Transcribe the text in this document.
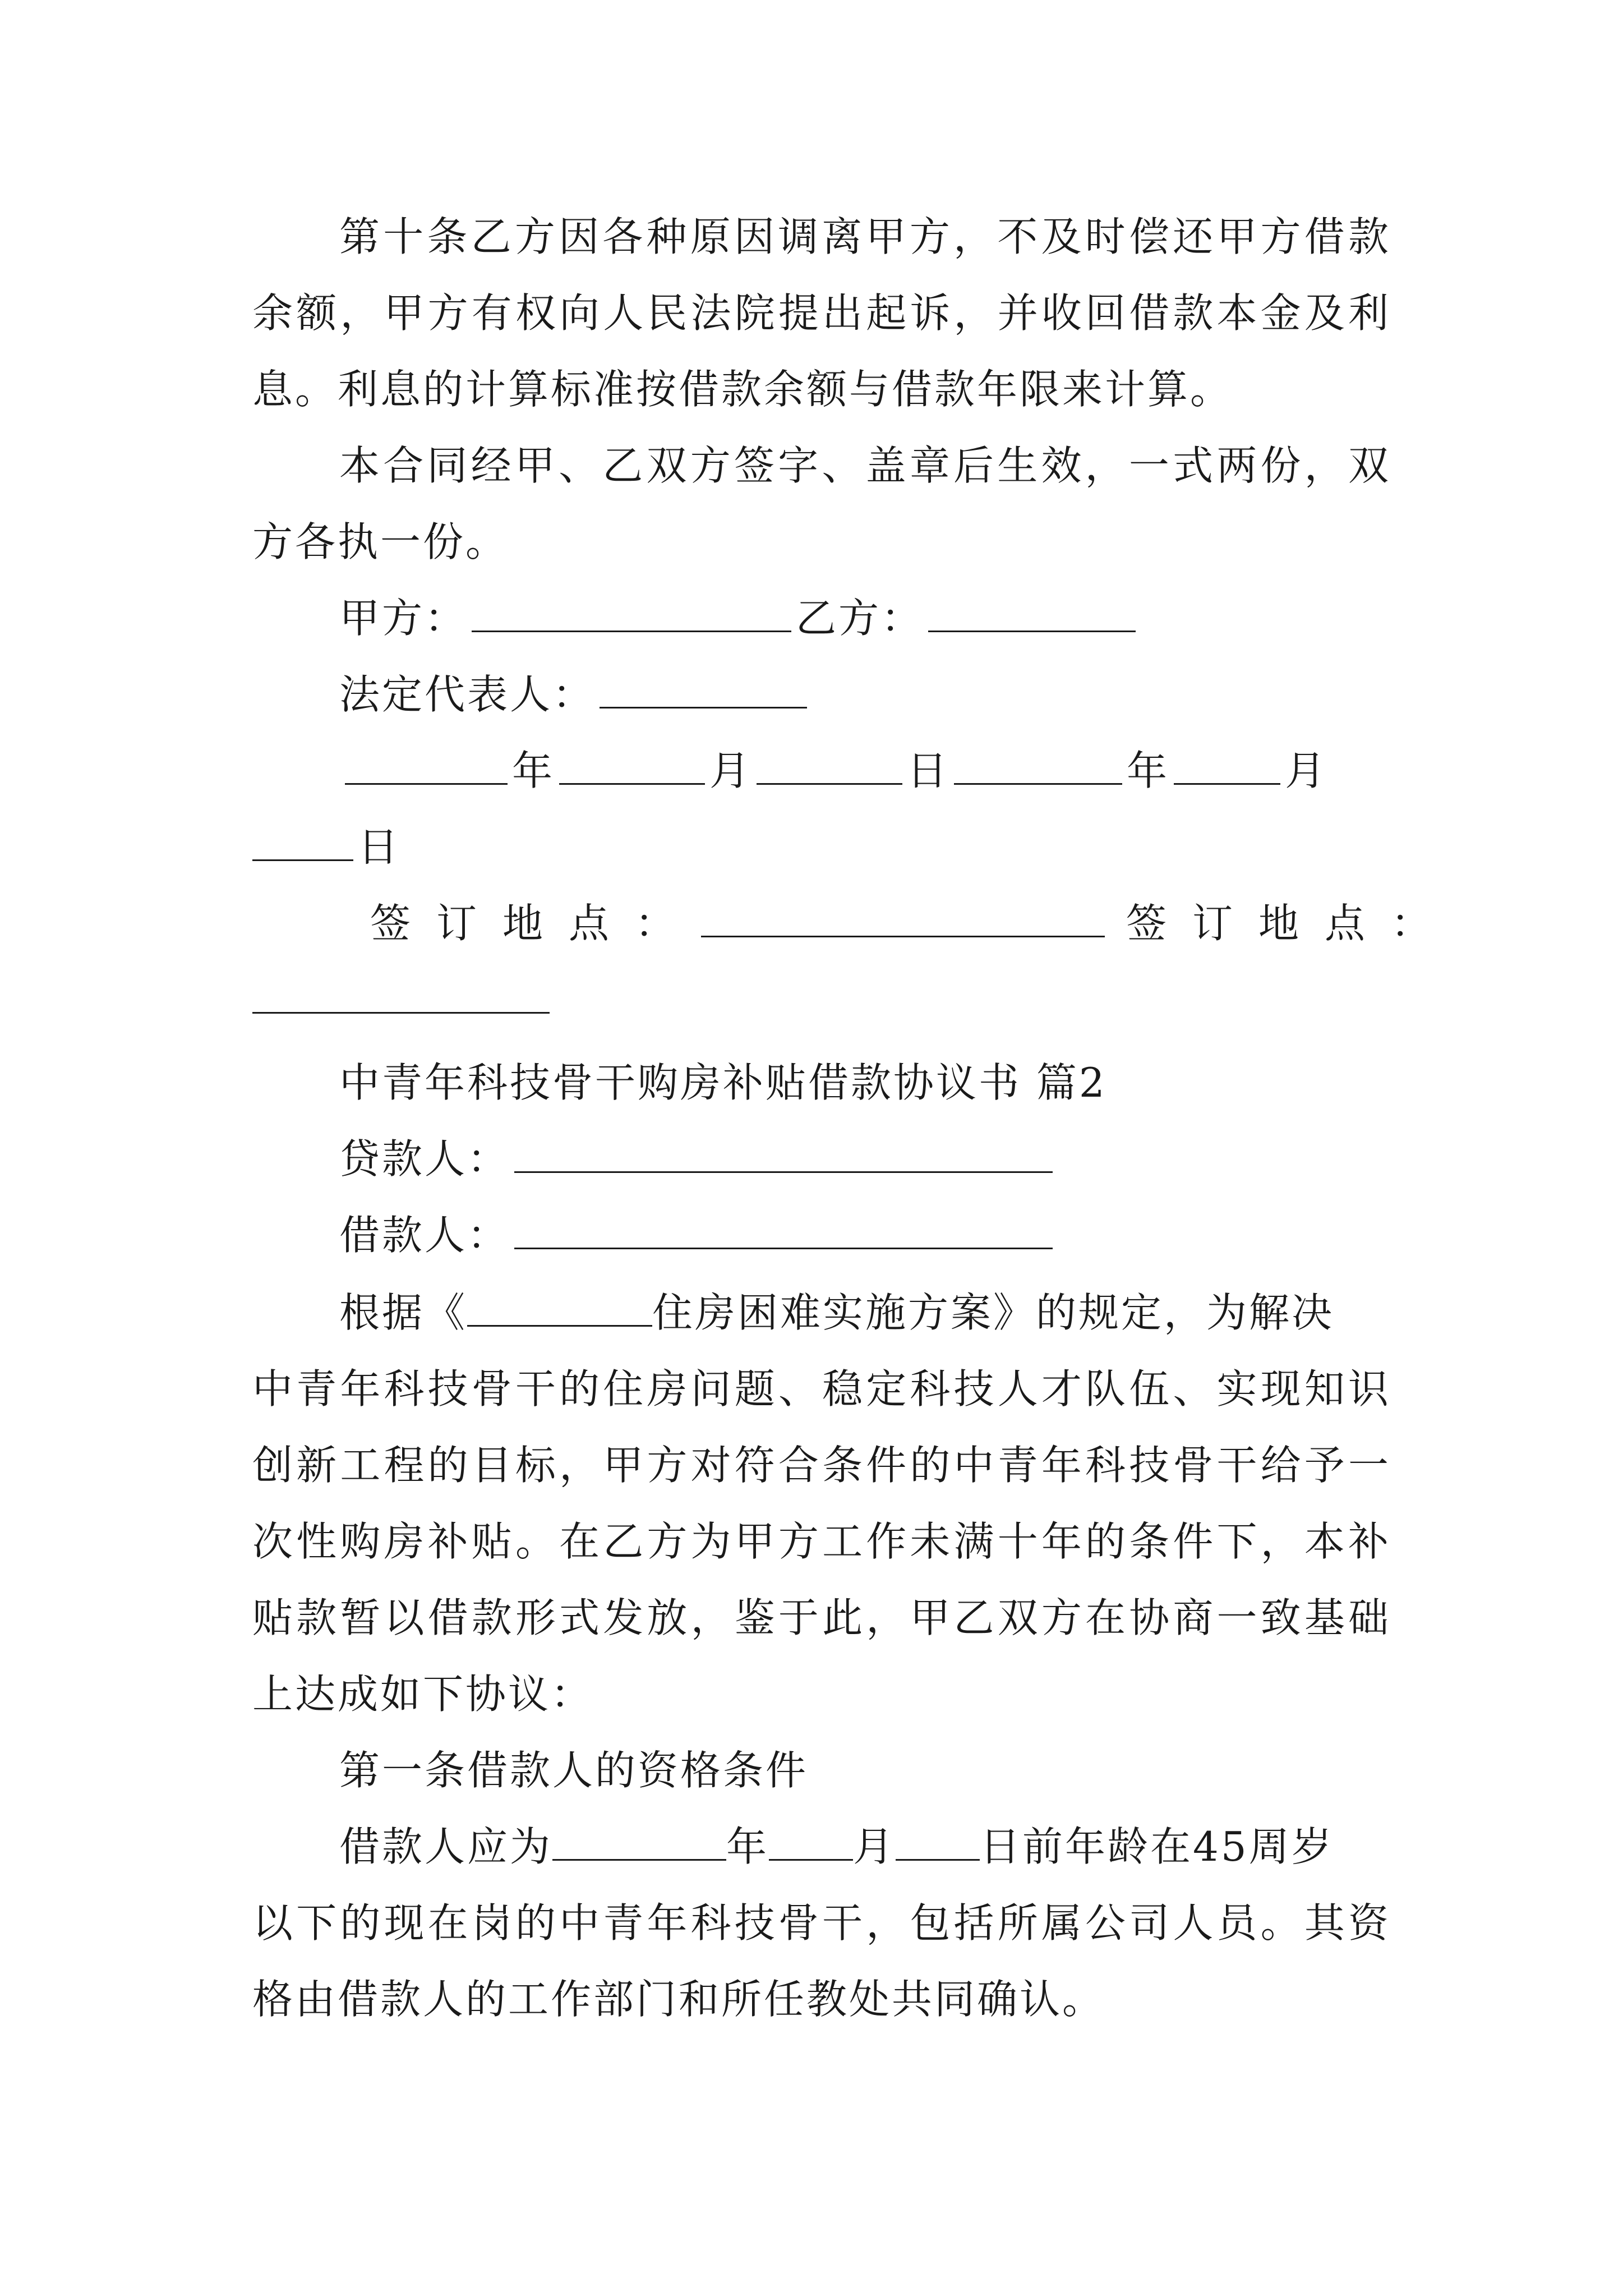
第十条乙方因各种原因调离甲方，不及时偿还甲方借款
余额，甲方有权向人民法院提出起诉，并收回借款本金及利
息。利息的计算标准按借款余额与借款年限来计算。
本合同经甲、乙双方签字、盖章后生效，一式两份，双
方各执一份。
甲方：	乙方：
法定代表人：
年	月	日	年	月
日
签订地点：	签订地点：
中青年科技骨干购房补贴借款协议书 篇2
贷款人：
借款人：
根据《	住房困难实施方案》的规定，为解决
中青年科技骨干的住房问题、稳定科技人才队伍、实现知识
创新工程的目标，甲方对符合条件的中青年科技骨干给予一
次性购房补贴。在乙方为甲方工作未满十年的条件下，本补
贴款暂以借款形式发放，鉴于此，甲乙双方在协商一致基础
上达成如下协议：
第一条借款人的资格条件
借款人应为	年 月 日前年龄在45周岁
以下的现在岗的中青年科技骨干，包括所属公司人员。其资
格由借款人的工作部门和所任教处共同确认。
